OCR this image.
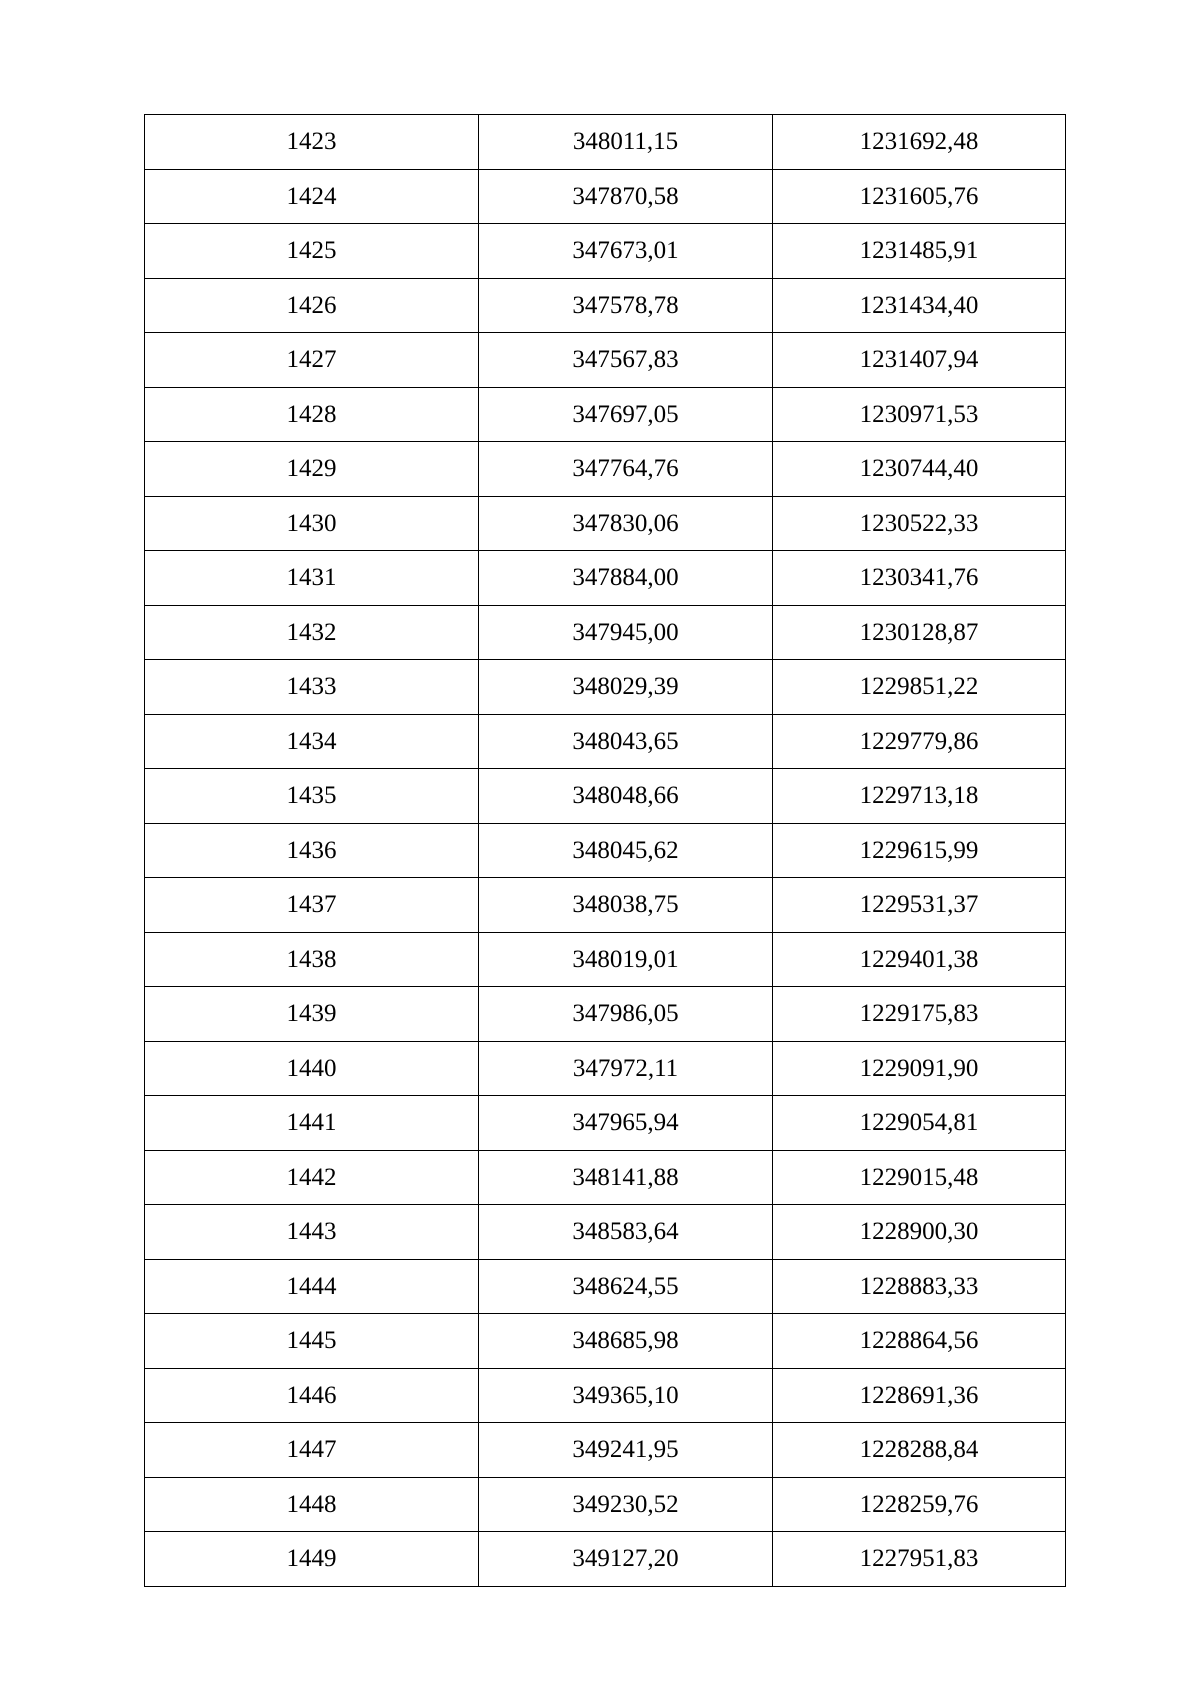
1423	348011,15	1231692,48
1424	347870,58	1231605,76
1425	347673,01	1231485,91
1426	347578,78	1231434,40
1427	347567,83	1231407,94
1428	347697,05	1230971,53
1429	347764,76	1230744,40
1430	347830,06	1230522,33
1431	347884,00	1230341,76
1432	347945,00	1230128,87
1433	348029,39	1229851,22
1434	348043,65	1229779,86
1435	348048,66	1229713,18
1436	348045,62	1229615,99
1437	348038,75	1229531,37
1438	348019,01	1229401,38
1439	347986,05	1229175,83
1440	347972,11	1229091,90
1441	347965,94	1229054,81
1442	348141,88	1229015,48
1443	348583,64	1228900,30
1444	348624,55	1228883,33
1445	348685,98	1228864,56
1446	349365,10	1228691,36
1447	349241,95	1228288,84
1448	349230,52	1228259,76
1449	349127,20	1227951,83
